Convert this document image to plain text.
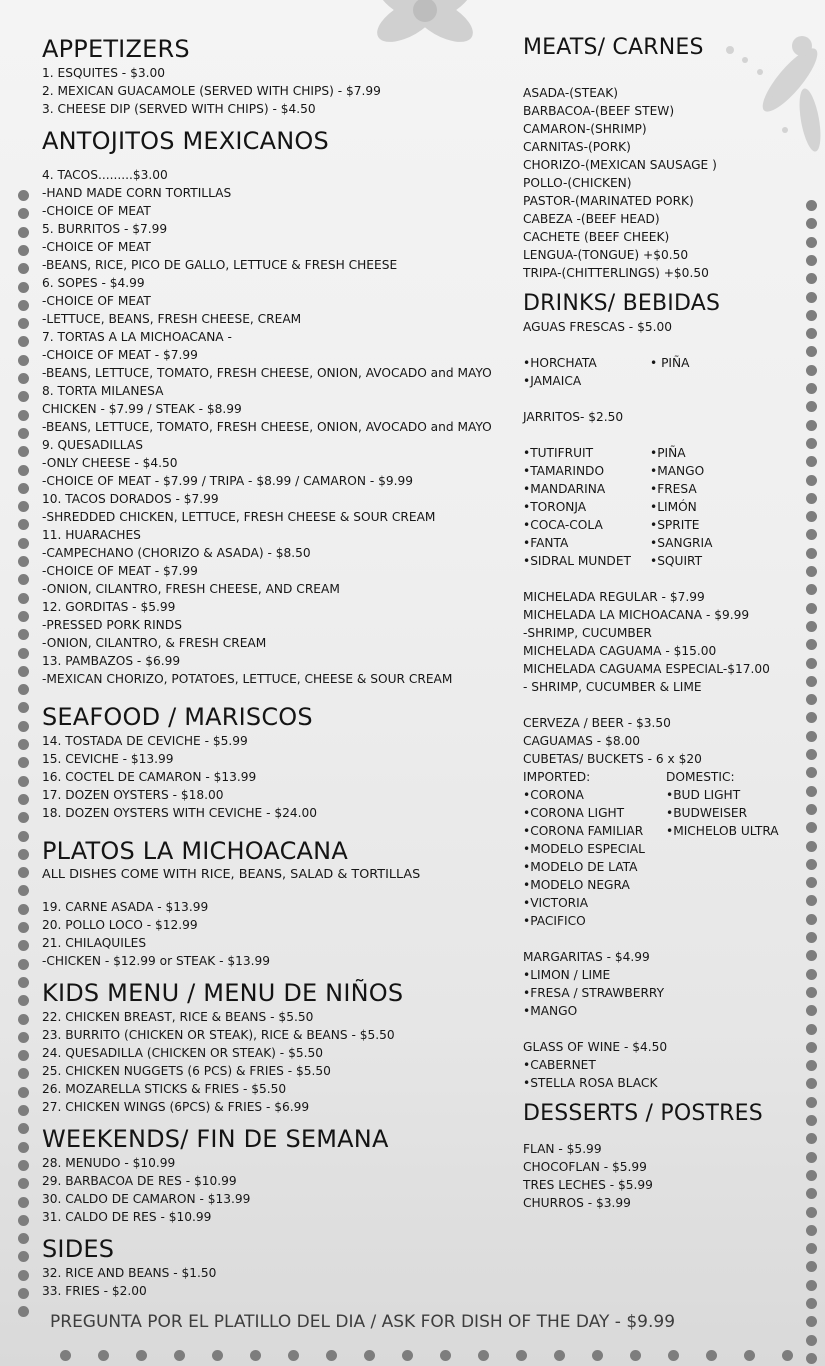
APPETIZERS
1. ESQUITES - $3.00
2. MEXICAN GUACAMOLE (SERVED WITH CHIPS) - $7.99
3. CHEESE DIP (SERVED WITH CHIPS) - $4.50
ANTOJITOS MEXICANOS
4. TACOS.........$3.00
-HAND MADE CORN TORTILLAS
-CHOICE OF MEAT
5. BURRITOS - $7.99
-CHOICE OF MEAT
-BEANS, RICE, PICO DE GALLO, LETTUCE & FRESH CHEESE
6. SOPES - $4.99
-CHOICE OF MEAT
-LETTUCE, BEANS, FRESH CHEESE, CREAM
7. TORTAS A LA MICHOACANA -
-CHOICE OF MEAT - $7.99
-BEANS, LETTUCE, TOMATO, FRESH CHEESE, ONION, AVOCADO and MAYO
8. TORTA MILANESA
CHICKEN - $7.99 / STEAK - $8.99
-BEANS, LETTUCE, TOMATO, FRESH CHEESE, ONION, AVOCADO and MAYO
9. QUESADILLAS
-ONLY CHEESE - $4.50
-CHOICE OF MEAT - $7.99 / TRIPA - $8.99 / CAMARON - $9.99
10. TACOS DORADOS - $7.99
-SHREDDED CHICKEN, LETTUCE, FRESH CHEESE & SOUR CREAM
11. HUARACHES
-CAMPECHANO (CHORIZO & ASADA) - $8.50
-CHOICE OF MEAT - $7.99
-ONION, CILANTRO, FRESH CHEESE, AND CREAM
12. GORDITAS - $5.99
-PRESSED PORK RINDS
-ONION, CILANTRO, & FRESH CREAM
13. PAMBAZOS - $6.99
-MEXICAN CHORIZO, POTATOES, LETTUCE, CHEESE & SOUR CREAM
SEAFOOD / MARISCOS
14. TOSTADA DE CEVICHE - $5.99
15. CEVICHE - $13.99
16. COCTEL DE CAMARON - $13.99
17. DOZEN OYSTERS - $18.00
18. DOZEN OYSTERS WITH CEVICHE - $24.00
PLATOS LA MICHOACANA
ALL DISHES COME WITH RICE, BEANS, SALAD & TORTILLAS
19. CARNE ASADA - $13.99
20. POLLO LOCO - $12.99
21. CHILAQUILES
-CHICKEN - $12.99 or STEAK - $13.99
KIDS MENU / MENU DE NIÑOS
22. CHICKEN BREAST, RICE & BEANS - $5.50
23. BURRITO (CHICKEN OR STEAK), RICE & BEANS - $5.50
24. QUESADILLA (CHICKEN OR STEAK) - $5.50
25. CHICKEN NUGGETS (6 PCS) & FRIES - $5.50
26. MOZARELLA STICKS & FRIES - $5.50
27. CHICKEN WINGS (6PCS) & FRIES - $6.99
WEEKENDS/ FIN DE SEMANA
28. MENUDO - $10.99
29. BARBACOA DE RES - $10.99
30. CALDO DE CAMARON - $13.99
31. CALDO DE RES - $10.99
SIDES
32. RICE AND BEANS - $1.50
33. FRIES - $2.00
MEATS/ CARNES
ASADA-(STEAK)
BARBACOA-(BEEF STEW)
CAMARON-(SHRIMP)
CARNITAS-(PORK)
CHORIZO-(MEXICAN SAUSAGE )
POLLO-(CHICKEN)
PASTOR-(MARINATED PORK)
CABEZA -(BEEF HEAD)
CACHETE (BEEF CHEEK)
LENGUA-(TONGUE) +$0.50
TRIPA-(CHITTERLINGS) +$0.50
DRINKS/ BEBIDAS
AGUAS FRESCAS - $5.00
•HORCHATA	• PIÑA
•JAMAICA
JARRITOS- $2.50
•TUTIFRUIT	•PIÑA
•TAMARINDO	•MANGO
•MANDARINA	•FRESA
•TORONJA	•LIMÓN
•COCA-COLA	•SPRITE
•FANTA	•SANGRIA
•SIDRAL MUNDET	•SQUIRT
MICHELADA REGULAR - $7.99
MICHELADA LA MICHOACANA - $9.99
-SHRIMP, CUCUMBER
MICHELADA CAGUAMA - $15.00
MICHELADA CAGUAMA ESPECIAL-$17.00
- SHRIMP, CUCUMBER & LIME
CERVEZA / BEER - $3.50
CAGUAMAS - $8.00
CUBETAS/ BUCKETS - 6 x $20
IMPORTED:	DOMESTIC:
•CORONA	•BUD LIGHT
•CORONA LIGHT	•BUDWEISER
•CORONA FAMILIAR	•MICHELOB ULTRA
•MODELO ESPECIAL
•MODELO DE LATA
•MODELO NEGRA
•VICTORIA
•PACIFICO
MARGARITAS - $4.99
•LIMON / LIME
•FRESA / STRAWBERRY
•MANGO
GLASS OF WINE - $4.50
•CABERNET
•STELLA ROSA BLACK
DESSERTS / POSTRES
FLAN - $5.99
CHOCOFLAN - $5.99
TRES LECHES - $5.99
CHURROS - $3.99
PREGUNTA POR EL PLATILLO DEL DIA / ASK FOR DISH OF THE DAY - $9.99
